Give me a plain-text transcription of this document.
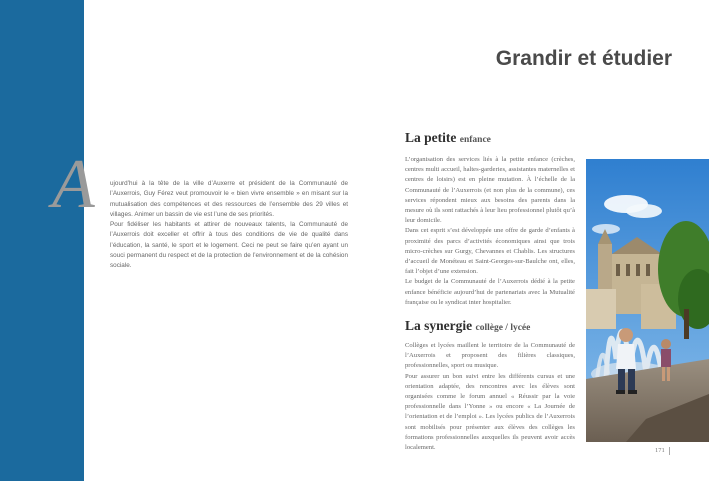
Grandir et étudier
A ujourd’hui à la tête de la ville d’Auxerre et président de la Communauté de l’Auxerrois, Guy Férez veut promouvoir le « bien vivre ensemble » en misant sur la mutualisation des compétences et des ressources de l’ensemble des 29 villes et villages. Animer un bassin de vie est l’une de ses priorités.

Pour fidéliser les habitants et attirer de nouveaux talents, la Communauté de l’Auxerrois doit exceller et offrir à tous des conditions de vie de qualité dans l’éducation, la santé, le sport et le logement. Ceci ne peut se faire qu’en ayant un souci permanent du respect et de la protection de l’environnement et de la cohésion sociale.

La petite enfance

L’organisation des services liés à la petite enfance (crèches, centres multi accueil, haltes-garderies, assistantes maternelles et centres de loisirs) est en pleine mutation. À l’échelle de la Communauté de l’Auxerrois (et non plus de la commune), ces services répondent mieux aux besoins des parents dans la mesure où ils sont rattachés à leur lieu professionnel plutôt qu’à leur domicile.

Dans cet esprit s’est développée une offre de garde d’enfants à proximité des parcs d’activités économiques ainsi que trois micro-crèches sur Gurgy, Chevannes et Chablis. Les structures d’accueil de Monéteau et Saint-Georges-sur-Baulche ont, elles, fait l’objet d’une extension.

Le budget de la Communauté de l’Auxerrois dédié à la petite enfance bénéficie aujourd’hui de partenariats avec la Mutualité française ou le syndicat inter hospitalier.

La synergie collège / lycée

Collèges et lycées maillent le territoire de la Communauté de l’Auxerrois et proposent des filières classiques, professionnelles, sport ou musique.

Pour assurer un bon suivi entre les différents cursus et une orientation adaptée, des rencontres avec les élèves sont organisées comme le forum annuel « Réussir par la voie professionnelle dans l’Yonne » ou encore « La Journée de l’orientation et de l’emploi ». Les lycées publics de l’Auxerrois sont mobilisés pour présenter aux élèves des collèges les formations professionnelles auxquelles ils peuvent avoir accès localement.	171
